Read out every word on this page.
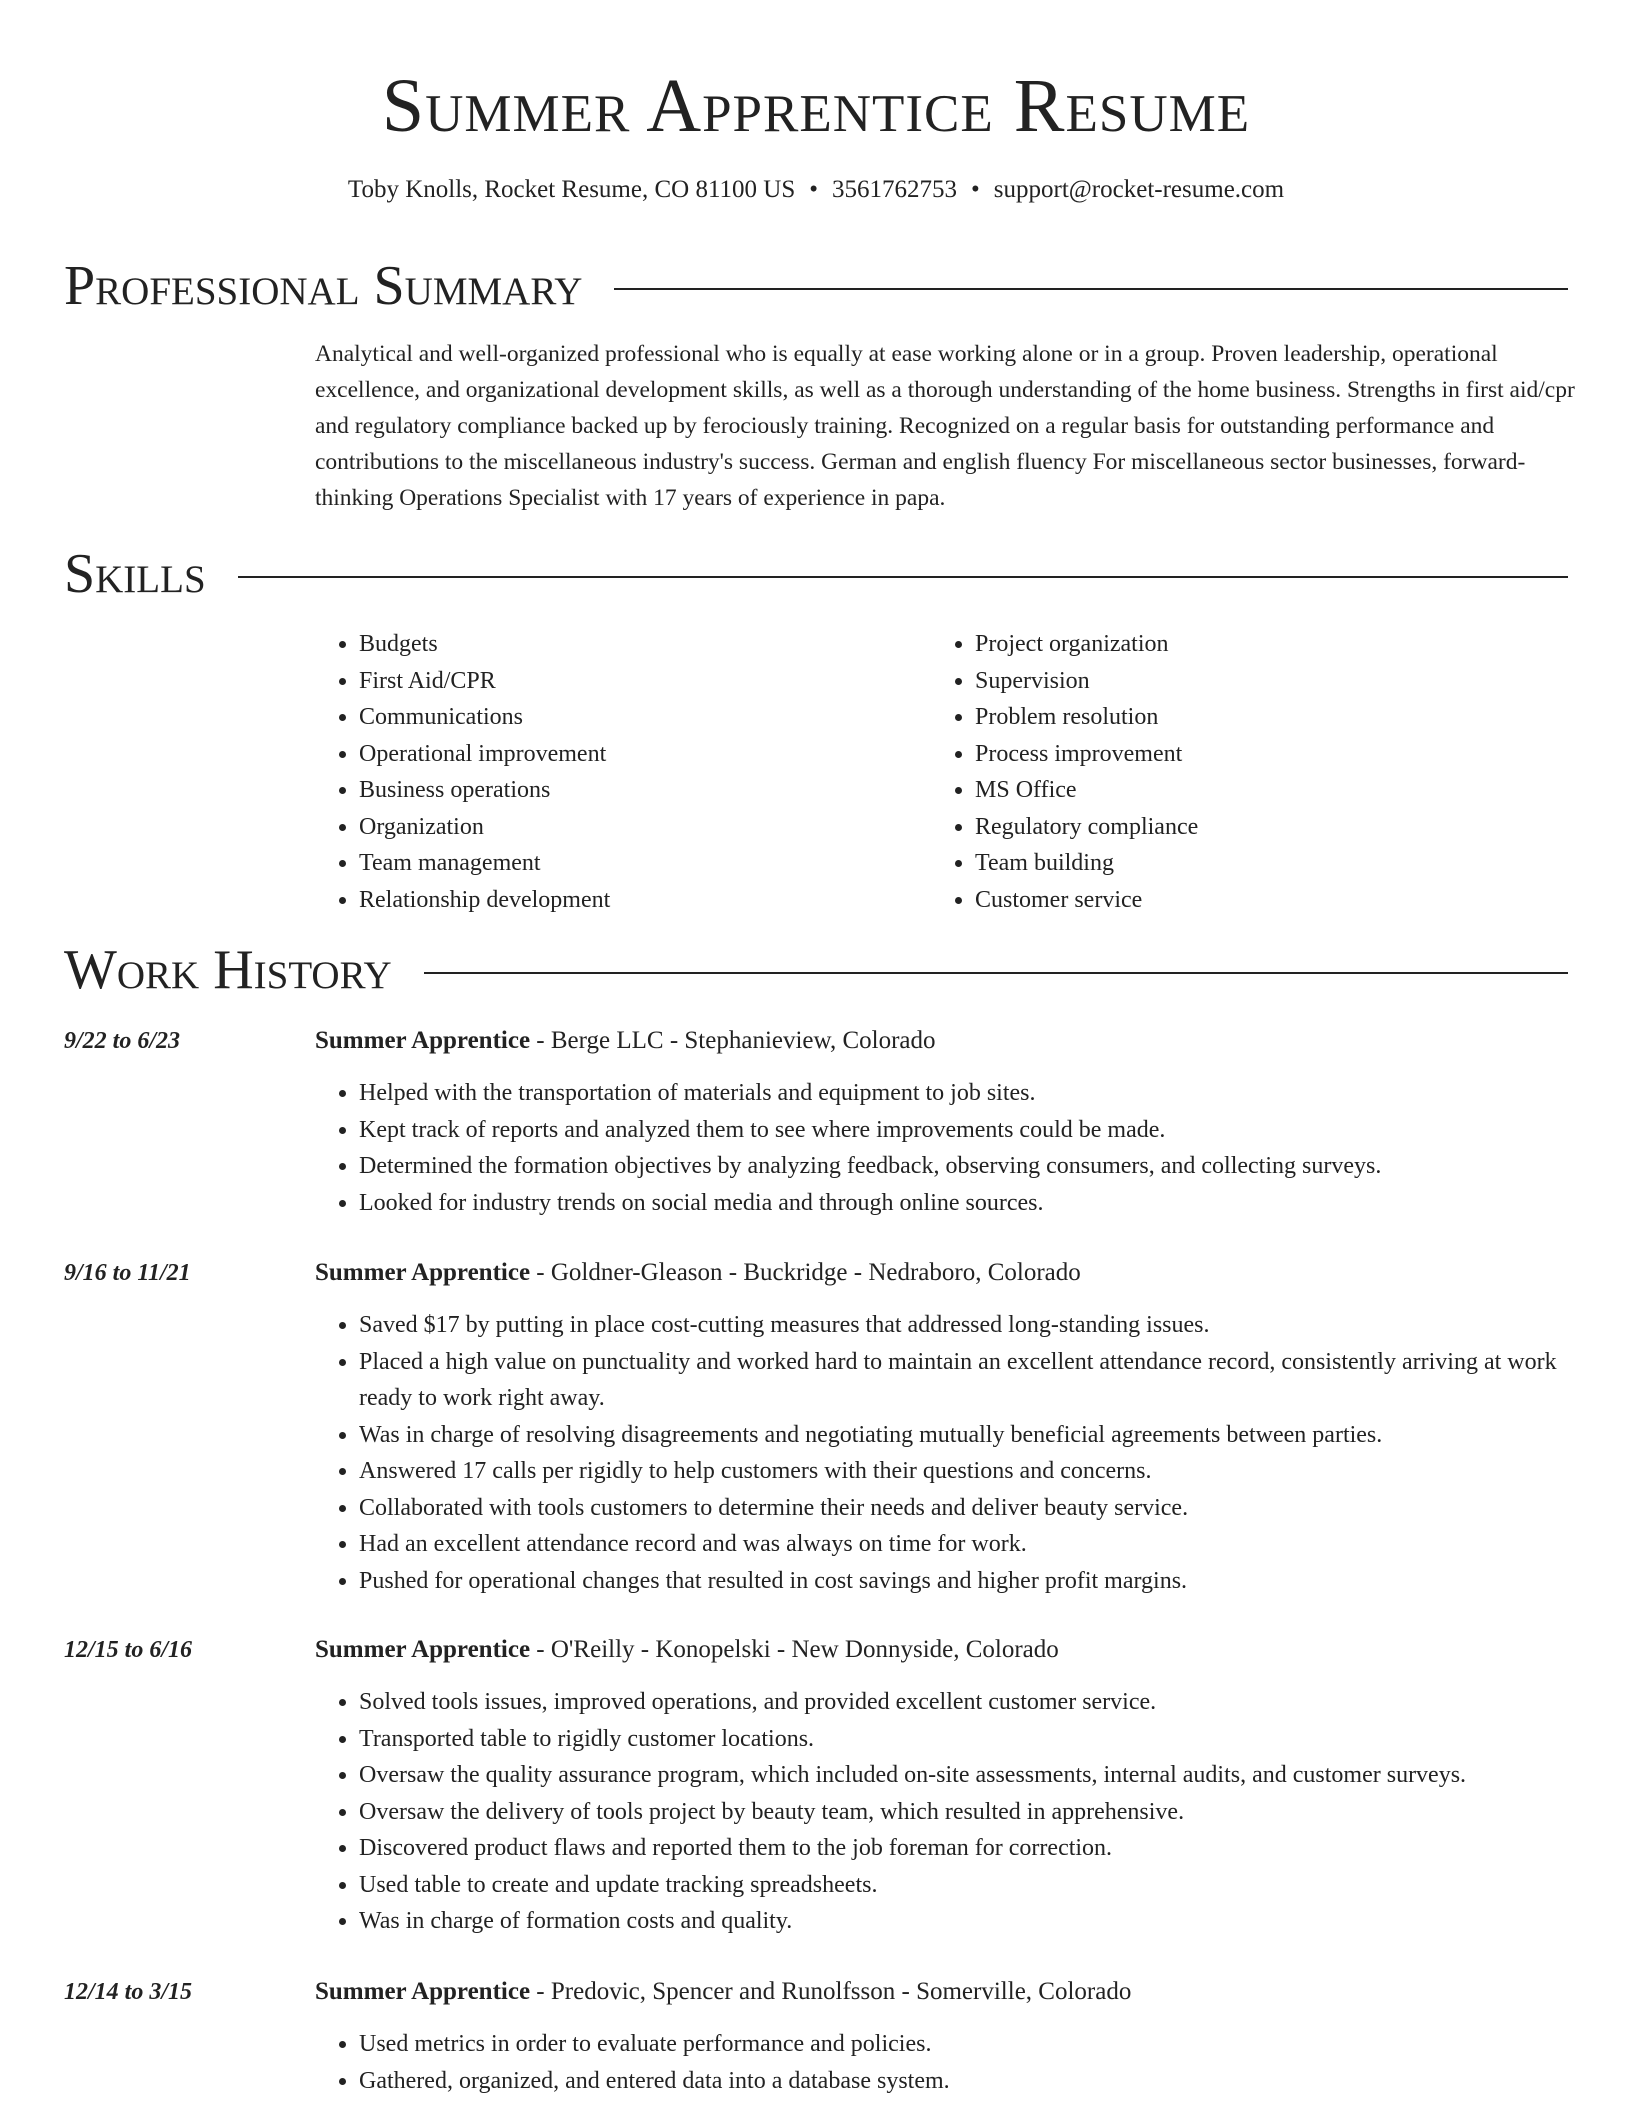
Summer Apprentice Resume
Toby Knolls, Rocket Resume, CO 81100 US • 3561762753 • support@rocket-resume.com
Professional Summary

Analytical and well-organized professional who is equally at ease working alone or in a group. Proven leadership, operational excellence, and organizational development skills, as well as a thorough understanding of the home business. Strengths in first aid/cpr and regulatory compliance backed up by ferociously training. Recognized on a regular basis for outstanding performance and contributions to the miscellaneous industry's success. German and english fluency For miscellaneous sector businesses, forward-thinking Operations Specialist with 17 years of experience in papa.

Skills
• Budgets
• First Aid/CPR
• Communications
• Operational improvement
• Business operations
• Organization
• Team management
• Relationship development
• Project organization
• Supervision
• Problem resolution
• Process improvement
• MS Office
• Regulatory compliance
• Team building
• Customer service
Work History
9/22 to 6/23	Summer Apprentice - Berge LLC - Stephanieview, Colorado
• Helped with the transportation of materials and equipment to job sites.
• Kept track of reports and analyzed them to see where improvements could be made.
• Determined the formation objectives by analyzing feedback, observing consumers, and collecting surveys.
• Looked for industry trends on social media and through online sources.
9/16 to 11/21	Summer Apprentice - Goldner-Gleason - Buckridge - Nedraboro, Colorado
• Saved $17 by putting in place cost-cutting measures that addressed long-standing issues.
• Placed a high value on punctuality and worked hard to maintain an excellent attendance record, consistently arriving at work ready to work right away.
• Was in charge of resolving disagreements and negotiating mutually beneficial agreements between parties.
• Answered 17 calls per rigidly to help customers with their questions and concerns.
• Collaborated with tools customers to determine their needs and deliver beauty service.
• Had an excellent attendance record and was always on time for work.
• Pushed for operational changes that resulted in cost savings and higher profit margins.
12/15 to 6/16	Summer Apprentice - O'Reilly - Konopelski - New Donnyside, Colorado
• Solved tools issues, improved operations, and provided excellent customer service.
• Transported table to rigidly customer locations.
• Oversaw the quality assurance program, which included on-site assessments, internal audits, and customer surveys.
• Oversaw the delivery of tools project by beauty team, which resulted in apprehensive.
• Discovered product flaws and reported them to the job foreman for correction.
• Used table to create and update tracking spreadsheets.
• Was in charge of formation costs and quality.
12/14 to 3/15	Summer Apprentice - Predovic, Spencer and Runolfsson - Somerville, Colorado
• Used metrics in order to evaluate performance and policies.
• Gathered, organized, and entered data into a database system.
